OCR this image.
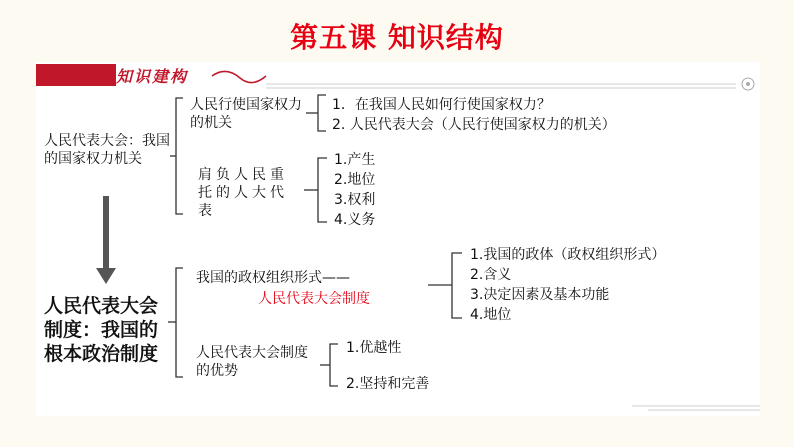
第五课 知识结构
知识建构
人民代表大会：我国的国家权力机关
人民行使国家权力的机关
1．在我国人民如何行使国家权力？
2. 人民代表大会（人民行使国家权力的机关）
肩负人民重托的人大代表
1.产生
2.地位
3.权利
4.义务
人民代表大会制度：我国的根本政治制度
我国的政权组织形式——
人民代表大会制度
1.我国的政体（政权组织形式）
2.含义
3.决定因素及基本功能
4.地位
人民代表大会制度的优势
1.优越性
2.坚持和完善
